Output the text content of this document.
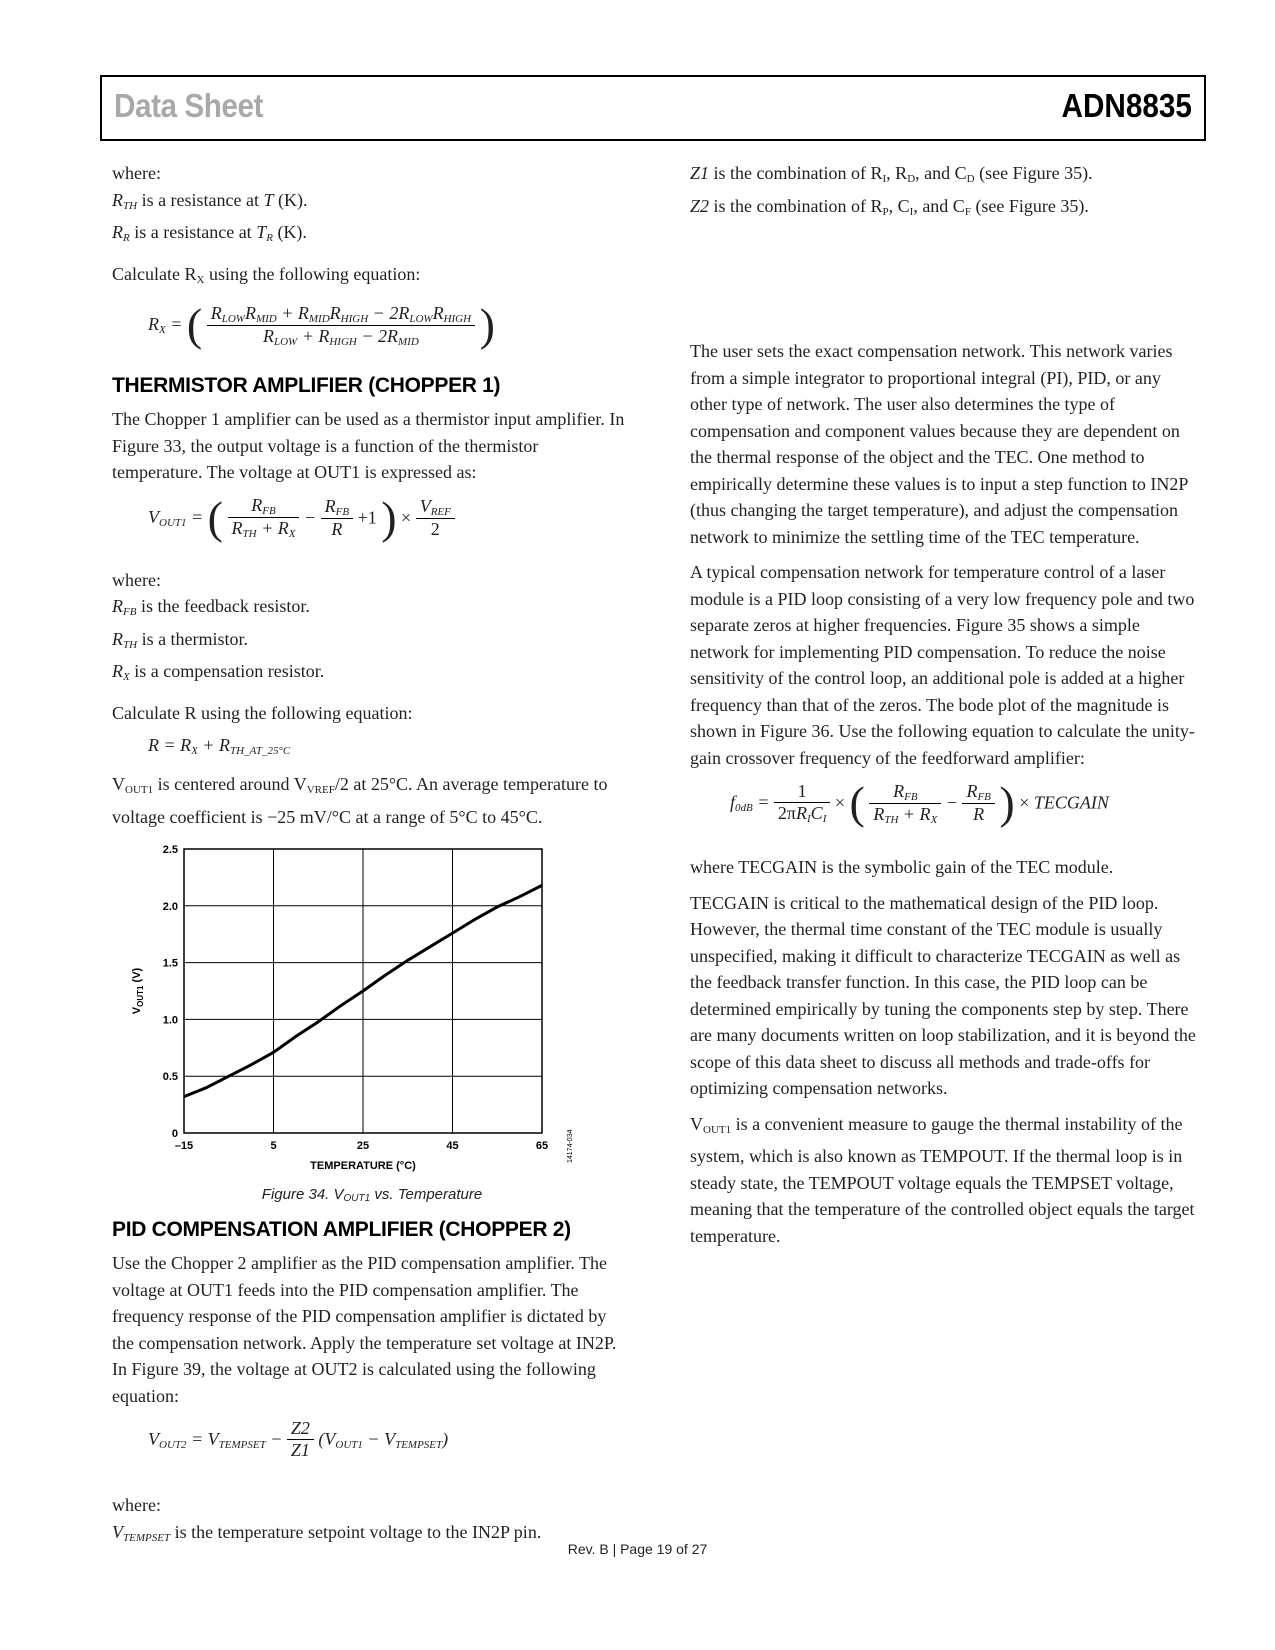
Data Sheet	ADN8835

where:

$R_{TH}$ is a resistance at T (K).

$R_R$ is a resistance at $T_R$ (K).

Calculate RX using the following equation:

$R_X$ = ( $\frac{R_{LOW}R_{MID} + R_{MID}R_{HIGH} - 2R_{LOW}R_{HIGH}}{R_{LOW} + R_{HIGH} - 2R_{MID}}$ )
THERMISTOR AMPLIFIER (CHOPPER 1)

The Chopper 1 amplifier can be used as a thermistor input amplifier. In Figure 33, the output voltage is a function of the thermistor temperature. The voltage at OUT1 is expressed as:

$V_{OUT1}$ = ( $\frac{R_{FB}}{R_{TH} + R_X} - \frac{R_{FB}}{R} +1$ ) × $\frac{V_{REF}}{2}$

where:

$R_{FB}$ is the feedback resistor.

$R_{TH}$ is a thermistor.

$R_X$ is a compensation resistor.

Calculate R using the following equation:

$R = R_X + R_{TH\_AT\_25^\circ C}$

VOUT1 is centered around VVREF/2 at 25°C. An average temperature to voltage coefficient is −25 mV/°C at a range of 5°C to 45°C.

–15	5	25	45	65
0
0.5
1.0
1.5
2.0
2.5
TEMPERATURE (°C)
$V_{OUT1}$ (V)
14174-034
Figure 34. VOUT1 vs. Temperature
PID COMPENSATION AMPLIFIER (CHOPPER 2)

Use the Chopper 2 amplifier as the PID compensation amplifier. The voltage at OUT1 feeds into the PID compensation amplifier. The frequency response of the PID compensation amplifier is dictated by the compensation network. Apply the temperature set voltage at IN2P. In Figure 39, the voltage at OUT2 is calculated using the following equation:

$V_{OUT2} = V_{TEMPSET} - \frac{Z2}{Z1} (V_{OUT1} - V_{TEMPSET})$

where:

$V_{TEMPSET}$ is the temperature setpoint voltage to the IN2P pin.

Z1 is the combination of RI, RD, and CD (see Figure 35).

Z2 is the combination of RP, CI, and CF (see Figure 35).

The user sets the exact compensation network. This network varies from a simple integrator to proportional integral (PI), PID, or any other type of network. The user also determines the type of compensation and component values because they are dependent on the thermal response of the object and the TEC. One method to empirically determine these values is to input a step function to IN2P (thus changing the target temperature), and adjust the compensation network to minimize the settling time of the TEC temperature.

A typical compensation network for temperature control of a laser module is a PID loop consisting of a very low frequency pole and two separate zeros at higher frequencies. Figure 35 shows a simple network for implementing PID compensation. To reduce the noise sensitivity of the control loop, an additional pole is added at a higher frequency than that of the zeros. The bode plot of the magnitude is shown in Figure 36. Use the following equation to calculate the unity-gain crossover frequency of the feedforward amplifier:

$f_{0dB} = \frac{1}{2\pi R_IC_I}$ × ( $\frac{R_{FB}}{R_{TH} + R_X} - \frac{R_{FB}}{R}$ ) × TECGAIN

where TECGAIN is the symbolic gain of the TEC module.

TECGAIN is critical to the mathematical design of the PID loop. However, the thermal time constant of the TEC module is usually unspecified, making it difficult to characterize TECGAIN as well as the feedback transfer function. In this case, the PID loop can be determined empirically by tuning the components step by step. There are many documents written on loop stabilization, and it is beyond the scope of this data sheet to discuss all methods and trade-offs for optimizing compensation networks.

VOUT1 is a convenient measure to gauge the thermal instability of the system, which is also known as TEMPOUT. If the thermal loop is in steady state, the TEMPOUT voltage equals the TEMPSET voltage, meaning that the temperature of the controlled object equals the target temperature.

Rev. B | Page 19 of 27
